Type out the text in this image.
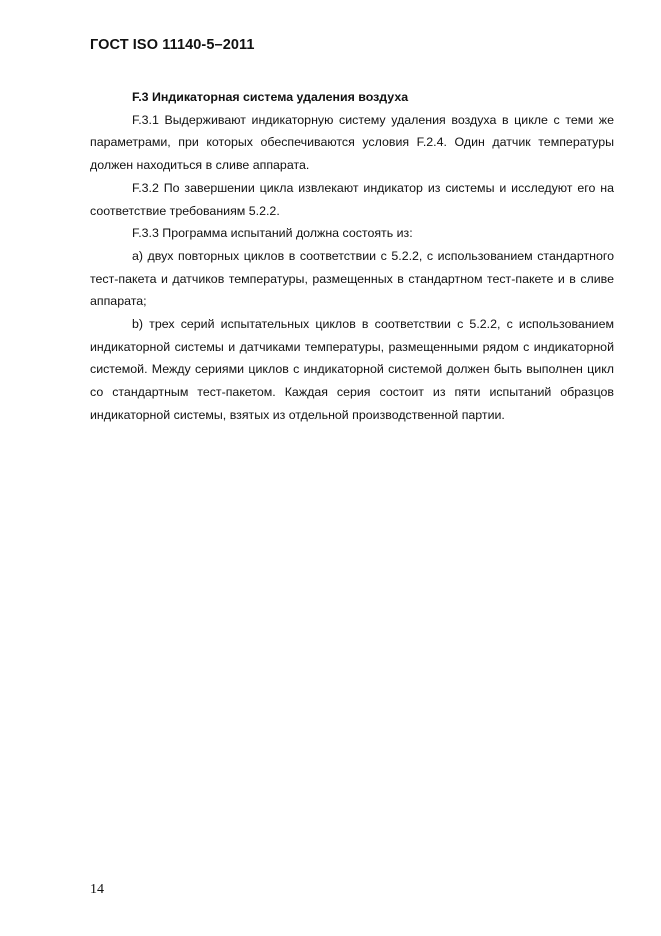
ГОСТ ISO 11140-5–2011

F.3 Индикаторная система удаления воздуха

F.3.1 Выдерживают индикаторную систему удаления воздуха в цикле с теми же параметрами, при которых обеспечиваются условия F.2.4. Один датчик температуры должен находиться в сливе аппарата.

F.3.2 По завершении цикла извлекают индикатор из системы и исследуют его на соответствие требованиям 5.2.2.

F.3.3 Программа испытаний должна состоять из:

a) двух повторных циклов в соответствии с 5.2.2, с использованием стандартного тест-пакета и датчиков температуры, размещенных в стандартном тест-пакете и в сливе аппарата;

b) трех серий испытательных циклов в соответствии с 5.2.2, с использованием индикаторной системы и датчиками температуры, размещенными рядом с индикаторной системой. Между сериями циклов с индикаторной системой должен быть выполнен цикл со стандартным тест-пакетом. Каждая серия состоит из пяти испытаний образцов индикаторной системы, взятых из отдельной производственной партии.

14
